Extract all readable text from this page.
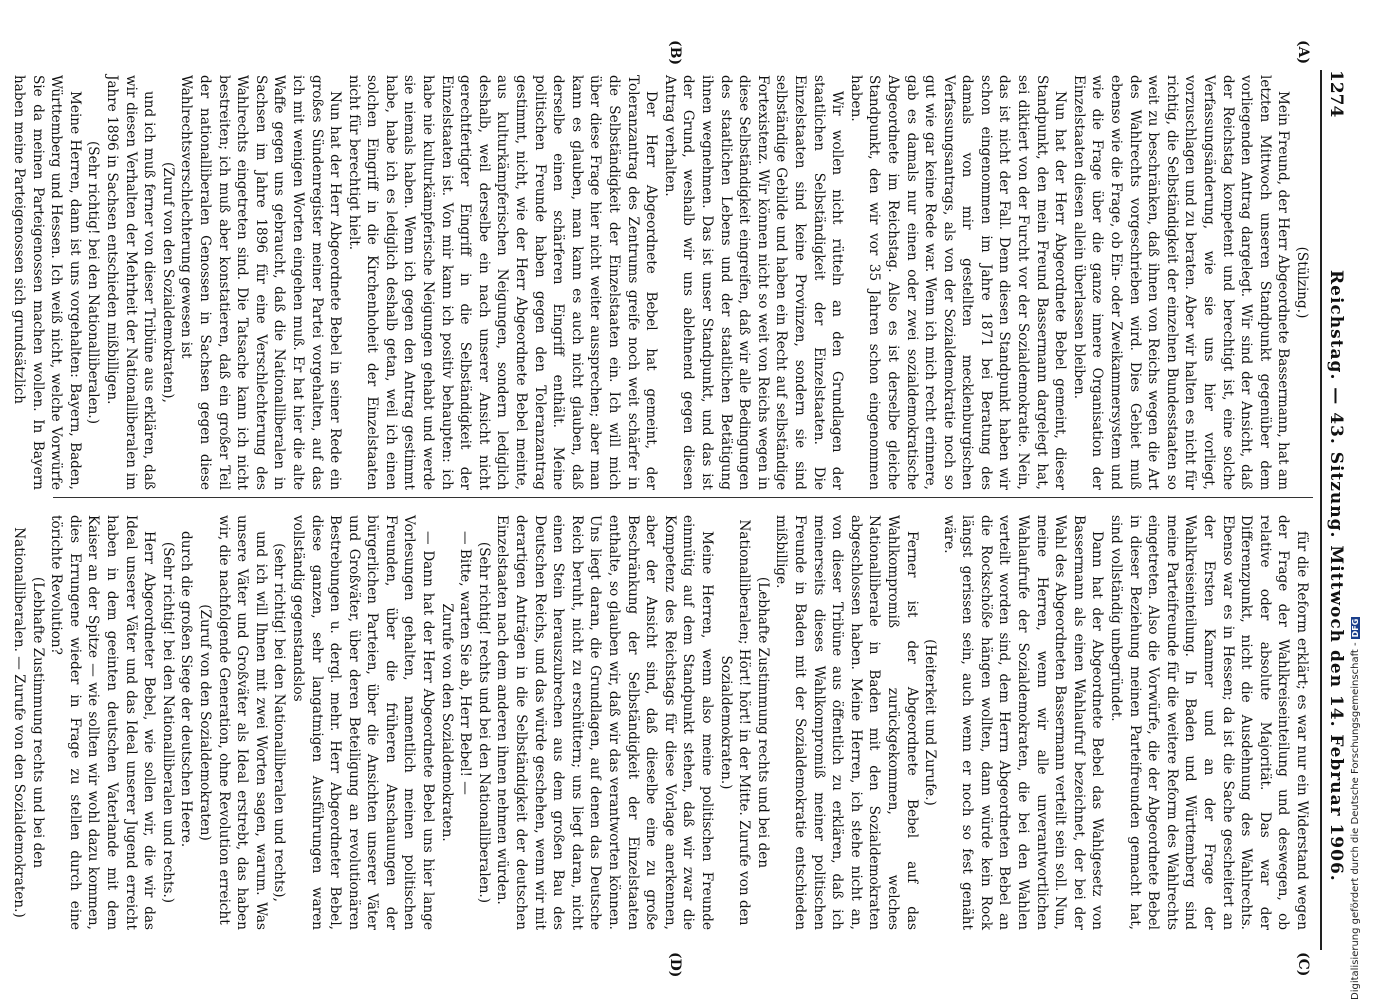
1274
Reichstag. — 43. Sitzung. Mittwoch den 14. Februar 1906.
(A)
(B)
(C)
(D)

(Stülzing.)

Mein Freund, der Herr Abgeordnete Bassermann, hat am letzten Mittwoch unseren Standpunkt gegenüber dem vorliegenden Antrag dargelegt. Wir sind der Ansicht, daß der Reichstag kompetent und berechtigt ist, eine solche Verfassungsänderung, wie sie uns hier vorliegt, vorzuschlagen und zu beraten. Aber wir halten es nicht für richtig, die Selbständigkeit der einzelnen Bundesstaaten so weit zu beschränken, daß ihnen von Reichs wegen die Art des Wahlrechts vorgeschrieben wird. Dies Gebiet muß ebenso wie die Frage, ob Ein- oder Zweikammersystem und wie die Frage über die ganze innere Organisation der Einzelstaaten diesen allein überlassen bleiben.

Nun hat der Herr Abgeordnete Bebel gemeint, dieser Standpunkt, den mein Freund Bassermann dargelegt hat, sei diktiert von der Furcht vor der Sozialdemokratie. Nein, das ist nicht der Fall. Denn diesen Standpunkt haben wir schon eingenommen im Jahre 1871 bei Beratung des damals von mir gestellten mecklenburgischen Verfassungsantrags, als von der Sozialdemokratie noch so gut wie gar keine Rede war. Wenn ich mich recht erinnere, gab es damals nur einen oder zwei sozialdemokratische Abgeordnete im Reichstag. Also es ist derselbe gleiche Standpunkt, den wir vor 35 Jahren schon eingenommen haben.

Wir wollen nicht rütteln an den Grundlagen der staatlichen Selbständigkeit der Einzelstaaten. Die Einzelstaaten sind keine Provinzen, sondern sie sind selbständige Gebilde und haben ein Recht auf selbständige Fortexistenz. Wir können nicht so weit von Reichs wegen in diese Selbständigkeit eingreifen, daß wir alle Bedingungen des staatlichen Lebens und der staatlichen Betätigung ihnen wegnehmen. Das ist unser Standpunkt, und das ist der Grund, weshalb wir uns ablehnend gegen diesen Antrag verhalten.

Der Herr Abgeordnete Bebel hat gemeint, der Toleranzantrag des Zentrums greife noch weit schärfer in die Selbständigkeit der Einzelstaaten ein. Ich will mich über diese Frage hier nicht weiter aussprechen; aber man kann es glauben, man kann es auch nicht glauben, daß derselbe einen schärferen Eingriff enthält. Meine politischen Freunde haben gegen den Toleranzantrag gestimmt, nicht, wie der Herr Abgeordnete Bebel meinte, aus kulturkämpferischen Neigungen, sondern lediglich deshalb, weil derselbe ein nach unserer Ansicht nicht gerechtfertigter Eingriff in die Selbständigkeit der Einzelstaaten ist. Von mir kann ich positiv behaupten: ich habe nie kulturkämpferische Neigungen gehabt und werde sie niemals haben. Wenn ich gegen den Antrag gestimmt habe, habe ich es lediglich deshalb getan, weil ich einen solchen Eingriff in die Kirchenhoheit der Einzelstaaten nicht für berechtigt hielt.

Nun hat der Herr Abgeordnete Bebel in seiner Rede ein großes Sündenregister meiner Partei vorgehalten, auf das ich mit wenigen Worten eingehen muß. Er hat hier die alte Waffe gegen uns gebraucht, daß die Nationalliberalen in Sachsen im Jahre 1896 für eine Verschlechterung des Wahlrechts eingetreten sind. Die Tatsache kann ich nicht bestreiten; ich muß aber konstatieren, daß ein großer Teil der nationalliberalen Genossen in Sachsen gegen diese Wahlrechtsverschlechterung gewesen ist

(Zuruf von den Sozialdemokraten),

und ich muß ferner von dieser Tribüne aus erklären, daß wir diesen Verhalten der Mehrheit der Nationalliberalen im Jahre 1896 in Sachsen entschieden mißbilligen.

(Sehr richtig! bei den Nationalliberalen.)

Meine Herren, dann ist uns vorgehalten: Bayern, Baden, Württemberg und Hessen. Ich weiß nicht, welche Vorwürfe Sie da meinen Parteigenossen machen wollen. In Bayern haben meine Parteigenossen sich grundsätzlich

für die Reform erklärt; es war nur ein Widerstand wegen der Frage der Wahlkreiseinteilung und deswegen, ob relative oder absolute Majorität. Das war der Differenzpunkt, nicht die Ausdehnung des Wahlrechts. Ebenso war es in Hessen; da ist die Sache gescheitert an der Ersten Kammer und an der Frage der Wahlkreiseinteilung. In Baden und Württemberg sind meine Parteifreunde für die weitere Reform des Wahlrechts eingetreten. Also die Vorwürfe, die der Abgeordnete Bebel in dieser Beziehung meinen Parteifreunden gemacht hat, sind vollständig unbegründet.

Dann hat der Abgeordnete Bebel das Wahlgesetz von Bassermann als einen Wahlaufruf bezeichnet, der bei der Wahl des Abgeordneten Bassermann verteilt sein soll. Nun, meine Herren, wenn wir alle unverantwortlichen Wahlaufrufe der Sozialdemokraten, die bei den Wahlen verteilt worden sind, dem Herrn Abgeordneten Bebel an die Rockschöße hängen wollten, dann würde kein Rock längst gerissen sein, auch wenn er noch so fest genäht wäre.

(Heiterkeit und Zurufe.)

Ferner ist der Abgeordnete Bebel auf das Wahlkompromiß zurückgekommen, welches Nationalliberale in Baden mit den Sozialdemokraten abgeschlossen haben. Meine Herren, ich stehe nicht an, von dieser Tribüne aus öffentlich zu erklären, daß ich meinerseits dieses Wahlkompromiß meiner politischen Freunde in Baden mit der Sozialdemokratie entschieden mißbillige.

(Lebhafte Zustimmung rechts und bei den Nationalliberalen; Hört! hört! in der Mitte. Zurufe von den Sozialdemokraten.)

Meine Herren, wenn also meine politischen Freunde einmütig auf dem Standpunkt stehen, daß wir zwar die Kompetenz des Reichstags für diese Vorlage anerkennen, aber der Ansicht sind, daß dieselbe eine zu große Beschränkung der Selbständigkeit der Einzelstaaten enthalte, so glauben wir, daß wir das verantworten können. Uns liegt daran, die Grundlagen, auf denen das Deutsche Reich beruht, nicht zu erschüttern; uns liegt daran, nicht einen Stein herauszubrechen aus dem großen Bau des Deutschen Reichs, und das würde geschehen, wenn wir mit derartigen Anträgen in die Selbständigkeit der deutschen Einzelstaaten nach dem anderen ihnen nehmen würden.

(Sehr richtig! rechts und bei den Nationalliberalen.)

— Bitte, warten Sie ab, Herr Bebel! —

Zurufe von den Sozialdemokraten.

— Dann hat der Herr Abgeordnete Bebel uns hier lange Vorlesungen gehalten, namentlich meinen politischen Freunden, über die früheren Anschauungen der bürgerlichen Parteien, über die Ansichten unserer Väter und Großväter, über deren Beteiligung an revolutionären Bestrebungen u. dergl. mehr. Herr Abgeordneter Bebel, diese ganzen, sehr langatmigen Ausführungen waren vollständig gegenstandslos

(sehr richtig! bei den Nationalliberalen und rechts),

und ich will Ihnen mit zwei Worten sagen, warum. Was unsere Väter und Großväter als Ideal erstrebt, das haben wir, die nachfolgende Generation, ohne Revolution erreicht

(Zuruf von den Sozialdemokraten)

durch die großen Siege der deutschen Heere.

(Sehr richtig! bei den Nationalliberalen und rechts.)

Herr Abgeordneter Bebel, wie sollen wir, die wir das Ideal unserer Väter und das Ideal unserer Jugend erreicht haben in dem geeinten deutschen Vaterlande mit dem Kaiser an der Spitze — wie sollten wir wohl dazu kommen, dies Errungene wieder in Frage zu stellen durch eine törichte Revolution?

(Lebhafte Zustimmung rechts und bei den Nationalliberalen. — Zurufe von den Sozialdemokraten.)	Digitalisierung gefördert durch die Deutsche Forschungsgemeinschaft -DFG
